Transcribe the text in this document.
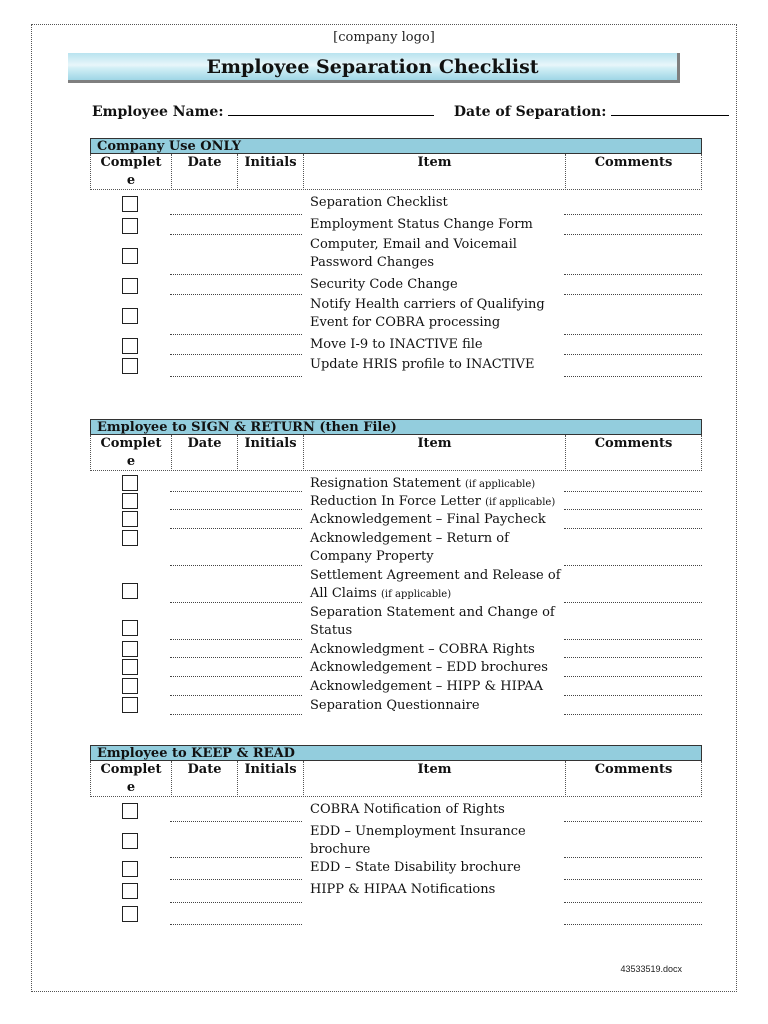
[company logo]
Employee Separation Checklist
Employee Name:	Date of Separation:
Company Use ONLY
Complet
e
Date	Initials	Item	Comments
Separation Checklist
Employment Status Change Form
Computer, Email and Voicemail Password Changes
Security Code Change
Notify Health carriers of Qualifying Event for COBRA processing
Move I-9 to INACTIVE file
Update HRIS profile to INACTIVE
Employee to SIGN & RETURN (then File)
Complet
e
Date	Initials	Item	Comments
Resignation Statement (if applicable)
Reduction In Force Letter (if applicable)
Acknowledgement – Final Paycheck
Acknowledgement – Return of Company Property
Settlement Agreement and Release of All Claims (if applicable)
Separation Statement and Change of Status
Acknowledgment – COBRA Rights
Acknowledgement – EDD brochures
Acknowledgement – HIPP & HIPAA
Separation Questionnaire
Employee to KEEP & READ
Complet
e
Date	Initials	Item	Comments
COBRA Notification of Rights
EDD – Unemployment Insurance brochure
EDD – State Disability brochure
HIPP & HIPAA Notifications
43533519.docx
